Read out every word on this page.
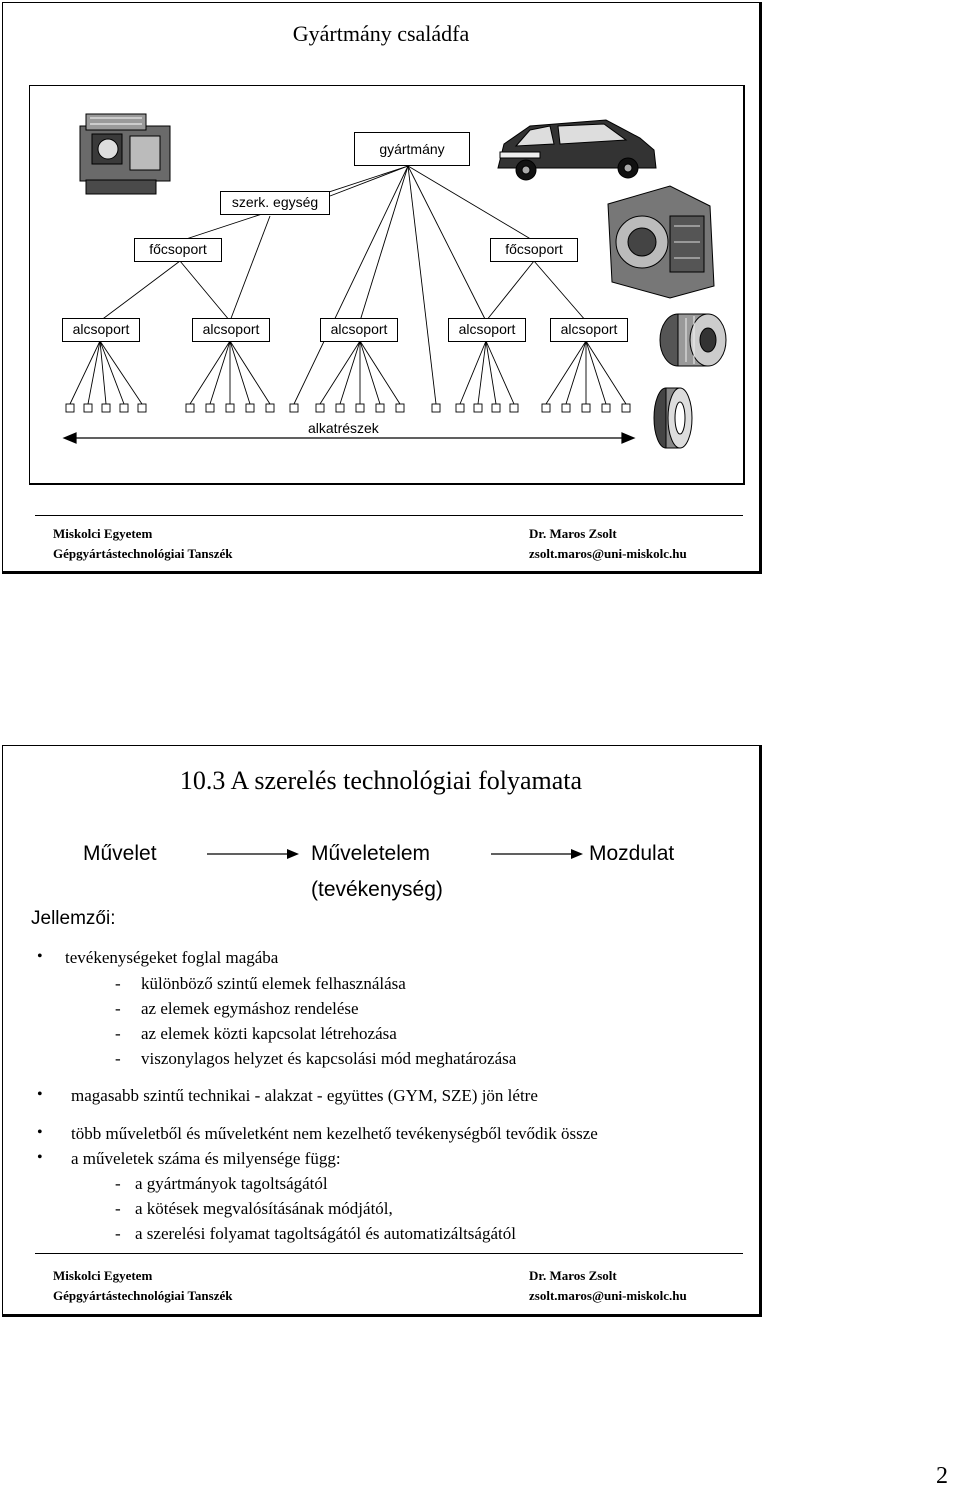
Gyártmány családfa
gyártmány
szerk. egység
főcsoport	főcsoport
alcsoport	alcsoport	alcsoport	alcsoport	alcsoport
alkatrészek
Miskolci Egyetem
Gépgyártástechnológiai Tanszék
Dr. Maros Zsolt
zsolt.maros@uni-miskolc.hu
10.3 A szerelés technológiai folyamata
Művelet	Műveletelem	Mozdulat
(tevékenység)
Jellemzői:
• tevékenységeket foglal magába
- különböző szintű elemek felhasználása
- az elemek egymáshoz rendelése
- az elemek közti kapcsolat létrehozása
- viszonylagos helyzet és kapcsolási mód meghatározása
• magasabb szintű technikai - alakzat - együttes (GYM, SZE) jön létre
• több műveletből és műveletként nem kezelhető tevékenységből tevődik össze
• a műveletek száma és milyensége függ:
- a gyártmányok tagoltságától
- a kötések megvalósításának módjától,
- a szerelési folyamat tagoltságától és automatizáltságától
Miskolci Egyetem
Gépgyártástechnológiai Tanszék
Dr. Maros Zsolt
zsolt.maros@uni-miskolc.hu
2
